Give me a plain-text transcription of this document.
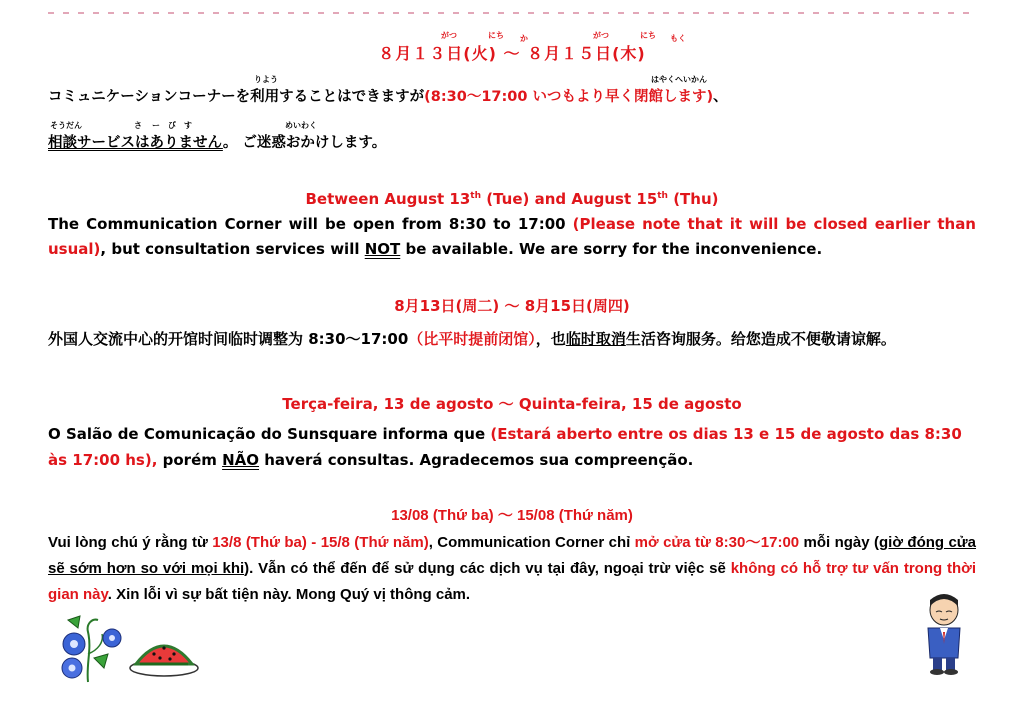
がつ	にち か	がつ	にち もく
８月１３日(火) ～ ８月１５日(木)
りよう	はやくへいかん
コミュニケーションコーナーを利用することはできますが(8:30～17:00 いつもより早く閉館します)、
そうだん	さ ー び す	めいわく
相談サービスはありません。 ご迷惑おかけします。
Between August 13th (Tue) and August 15th (Thu)
The Communication Corner will be open from 8:30 to 17:00 (Please note that it will be closed earlier than usual), but consultation services will NOT be available. We are sorry for the inconvenience.
8月13日(周二) ～ 8月15日(周四)
外国人交流中心的开馆时间临时调整为 8:30～17:00（比平时提前闭馆），也临时取消生活咨询服务。给您造成不便敬请谅解。
Terça-feira, 13 de agosto ～ Quinta-feira, 15 de agosto
O Salão de Comunicação do Sunsquare informa que (Estará aberto entre os dias 13 e 15 de agosto das 8:30 às 17:00 hs), porém NÃO haverá consultas. Agradecemos sua compreenção.
13/08 (Thứ ba) ～ 15/08 (Thứ năm)
Vui lòng chú ý rằng từ 13/8 (Thứ ba) - 15/8 (Thứ năm), Communication Corner chỉ mở cửa từ 8:30～17:00 mỗi ngày (giờ đóng cửa sẽ sớm hơn so với mọi khi). Vẫn có thể đến để sử dụng các dịch vụ tại đây, ngoại trừ việc sẽ không có hỗ trợ tư vấn trong thời gian này. Xin lỗi vì sự bất tiện này. Mong Quý vị thông cảm.
